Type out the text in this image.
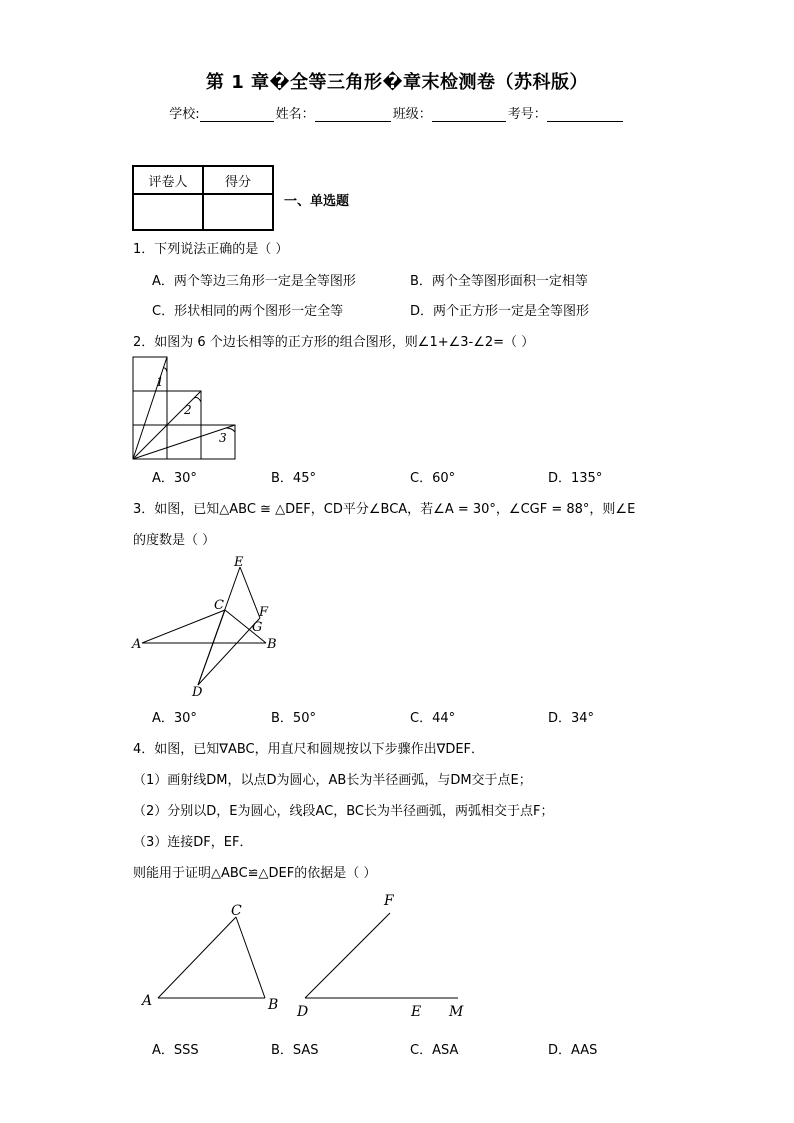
第 1 章�全等三角形�章末检测卷（苏科版）
学校:	姓名：	班级：	考号：
评卷人	得分

一、单选题
1．下列说法正确的是（ ）
A．两个等边三角形一定是全等图形	B．两个全等图形面积一定相等
C．形状相同的两个图形一定全等	D．两个正方形一定是全等图形
2．如图为 6 个边长相等的正方形的组合图形，则∠1+∠3-∠2=（ ）
1
2
3
A．30°	B．45°	C．60°	D．135°
3．如图，已知△ABC ≅ △DEF，CD平分∠BCA，若∠A = 30°，∠CGF = 88°，则∠E
的度数是（ ）
E
C	F
G
A	B
D
A．30°	B．50°	C．44°	D．34°
4．如图，已知∇ABC，用直尺和圆规按以下步骤作出∇DEF．
（1）画射线DM，以点D为圆心，AB长为半径画弧，与DM交于点E；
（2）分别以D，E为圆心，线段AC，BC长为半径画弧，两弧相交于点F；
（3）连接DF，EF．
则能用于证明△ABC≌△DEF的依据是（ ）
C
A	B
F
D	E M
A．SSS	B．SAS	C．ASA	D．AAS
